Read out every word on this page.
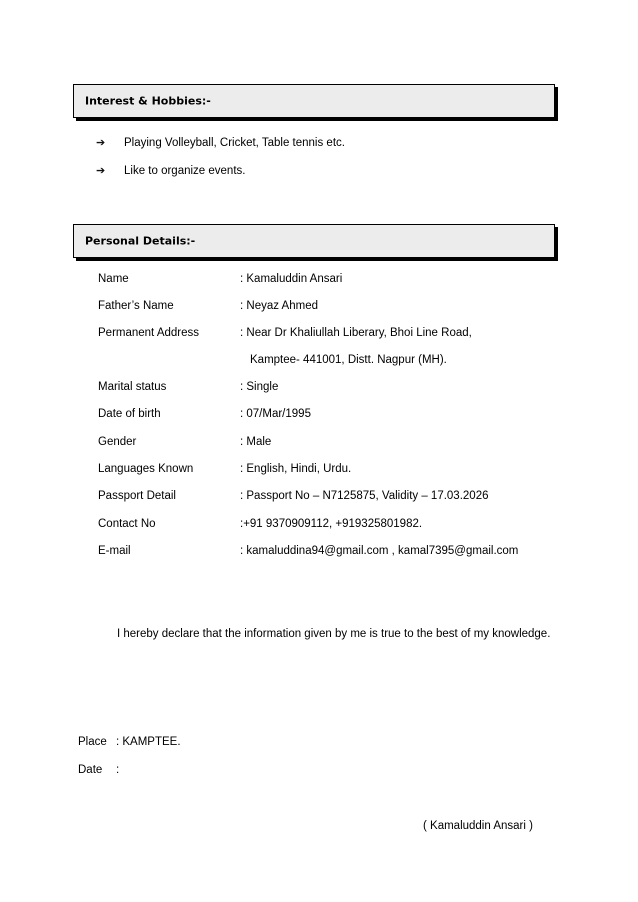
Interest & Hobbies:-
➔ Playing Volleyball, Cricket, Table tennis etc.
➔ Like to organize events.
Personal Details:-
Name	: Kamaluddin Ansari
Father’s Name	: Neyaz Ahmed
Permanent Address	: Near Dr Khaliullah Liberary, Bhoi Line Road,
Kamptee- 441001, Distt. Nagpur (MH).
Marital status	: Single
Date of birth	: 07/Mar/1995
Gender	: Male
Languages Known	: English, Hindi, Urdu.
Passport Detail	: Passport No – N7125875, Validity – 17.03.2026
Contact No	:+91 9370909112, +919325801982.
E-mail	: kamaluddina94@gmail.com , kamal7395@gmail.com
I hereby declare that the information given by me is true to the best of my knowledge.
Place : KAMPTEE.
Date :
( Kamaluddin Ansari )
